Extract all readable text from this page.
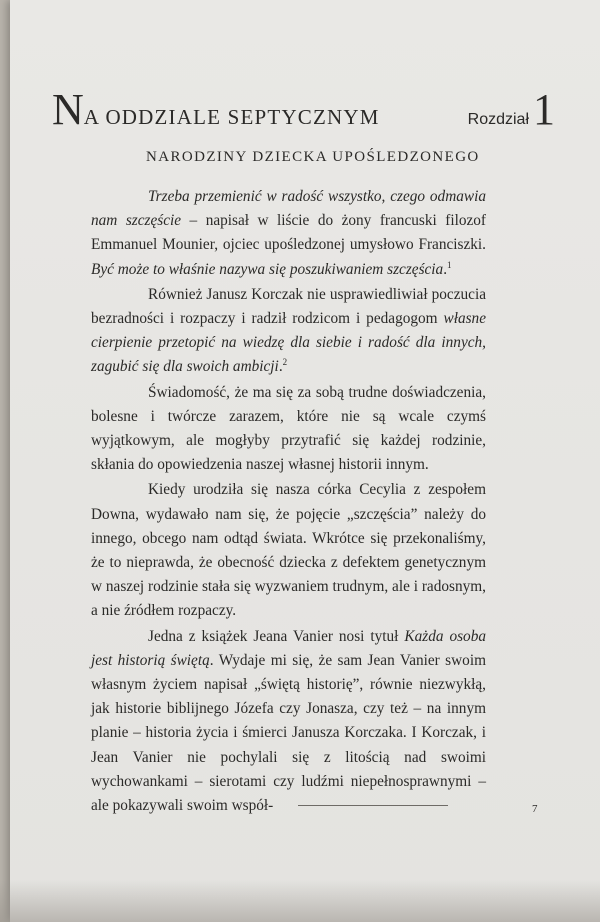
NA ODDZIALE SEPTYCZNYM	Rozdział1
NARODZINY DZIECKA UPOŚLEDZONEGO

Trzeba przemienić w radość wszystko, czego odmawia nam szczęście – napisał w liście do żony francuski filozof Emmanuel Mounier, ojciec upośledzonej umysłowo Franciszki. Być może to właśnie nazywa się poszukiwaniem szczęścia.$^1$

Również Janusz Korczak nie usprawiedliwiał poczucia bezradności i rozpaczy i radził rodzicom i pedagogom własne cierpienie przetopić na wiedzę dla siebie i radość dla innych, zagubić się dla swoich ambicji.$^2$

Świadomość, że ma się za sobą trudne doświadczenia, bolesne i twórcze zarazem, które nie są wcale czymś wyjątkowym, ale mogłyby przytrafić się każdej rodzinie, skłania do opowiedzenia naszej własnej historii innym.

Kiedy urodziła się nasza córka Cecylia z zespołem Downa, wydawało nam się, że pojęcie „szczęścia” należy do innego, obcego nam odtąd świata. Wkrótce się przekonaliśmy, że to nieprawda, że obecność dziecka z defektem genetycznym w naszej rodzinie stała się wyzwaniem trudnym, ale i radosnym, a nie źródłem rozpaczy.

Jedna z książek Jeana Vanier nosi tytuł Każda osoba jest historią świętą. Wydaje mi się, że sam Jean Vanier swoim własnym życiem napisał „świętą historię”, równie niezwykłą, jak historie biblijnego Józefa czy Jonasza, czy też – na innym planie – historia życia i śmierci Janusza Korczaka. I Korczak, i Jean Vanier nie pochylali się z litością nad swoimi wychowankami – sierotami czy ludźmi niepełnosprawnymi – ale pokazywali swoim współ-	7
